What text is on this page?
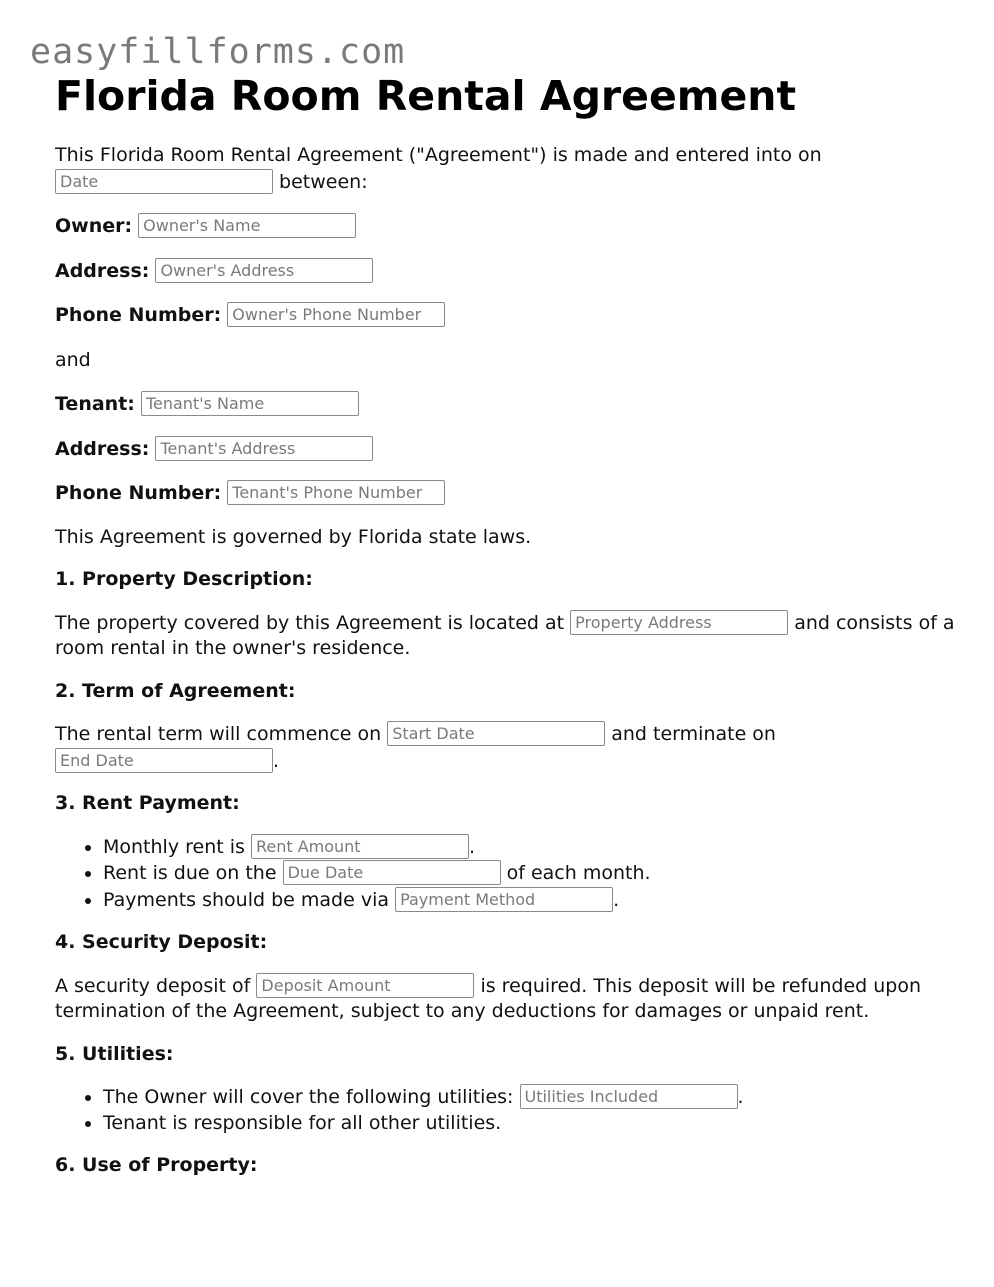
easyfillforms.com
Florida Room Rental Agreement

This Florida Room Rental Agreement ("Agreement") is made and entered into on
Date	between:

Owner: Owner's Name

Address: Owner's Address

Phone Number: Owner's Phone Number

and

Tenant: Tenant's Name

Address: Tenant's Address

Phone Number: Tenant's Phone Number

This Agreement is governed by Florida state laws.

1. Property Description:

The property covered by this Agreement is located at Property Address	and consists of a room rental in the owner's residence.

2. Term of Agreement:

The rental term will commence on Start Date	and terminate on
End Date	.

3. Rent Payment:

• Monthly rent is Rent Amount	.
• Rent is due on the Due Date	of each month.
• Payments should be made via Payment Method	.

4. Security Deposit:

A security deposit of Deposit Amount	is required. This deposit will be refunded upon termination of the Agreement, subject to any deductions for damages or unpaid rent.

5. Utilities:

• The Owner will cover the following utilities: Utilities Included	.
• Tenant is responsible for all other utilities.

6. Use of Property:
